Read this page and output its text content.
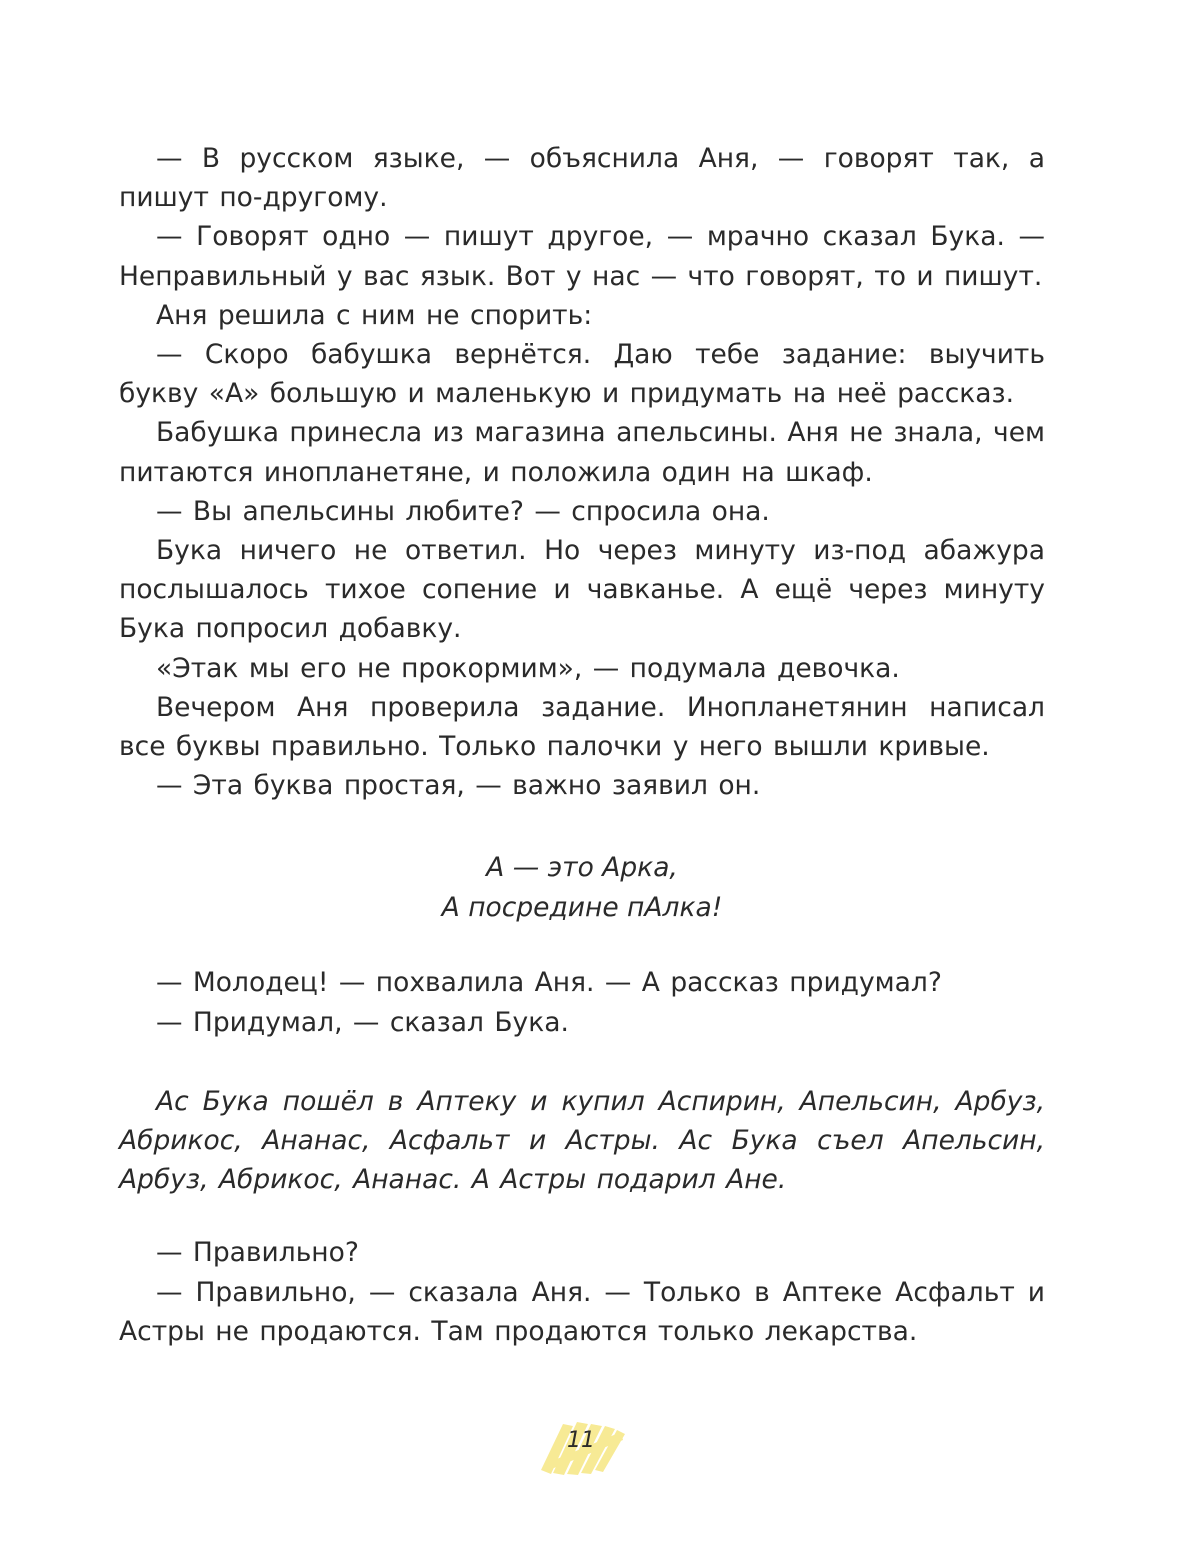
— В русском языке, — объяснила Аня, — говорят так, а пишут по-другому.

— Говорят одно — пишут другое, — мрачно сказал Бука. — Неправильный у вас язык. Вот у нас — что говорят, то и пишут.

Аня решила с ним не спорить:

— Скоро бабушка вернётся. Даю тебе задание: выучить букву «А» большую и маленькую и придумать на неё рассказ.

Бабушка принесла из магазина апельсины. Аня не знала, чем питаются инопланетяне, и положила один на шкаф.

— Вы апельсины любите? — спросила она.

Бука ничего не ответил. Но через минуту из-под абажура послышалось тихое сопение и чавканье. А ещё через минуту Бука попросил добавку.

«Этак мы его не прокормим», — подумала девочка.

Вечером Аня проверила задание. Инопланетянин написал все буквы правильно. Только палочки у него вышли кривые.

— Эта буква простая, — важно заявил он.

А — это Арка,
А посредине пАлка!

— Молодец! — похвалила Аня. — А рассказ придумал?

— Придумал, — сказал Бука.

Ас Бука пошёл в Аптеку и купил Аспирин, Апельсин, Арбуз, Абрикос, Ананас, Асфальт и Астры. Ас Бука съел Апельсин, Арбуз, Абрикос, Ананас. А Астры подарил Ане.

— Правильно?

— Правильно, — сказала Аня. — Только в Аптеке Асфальт и Астры не продаются. Там продаются только лекарства.

11
